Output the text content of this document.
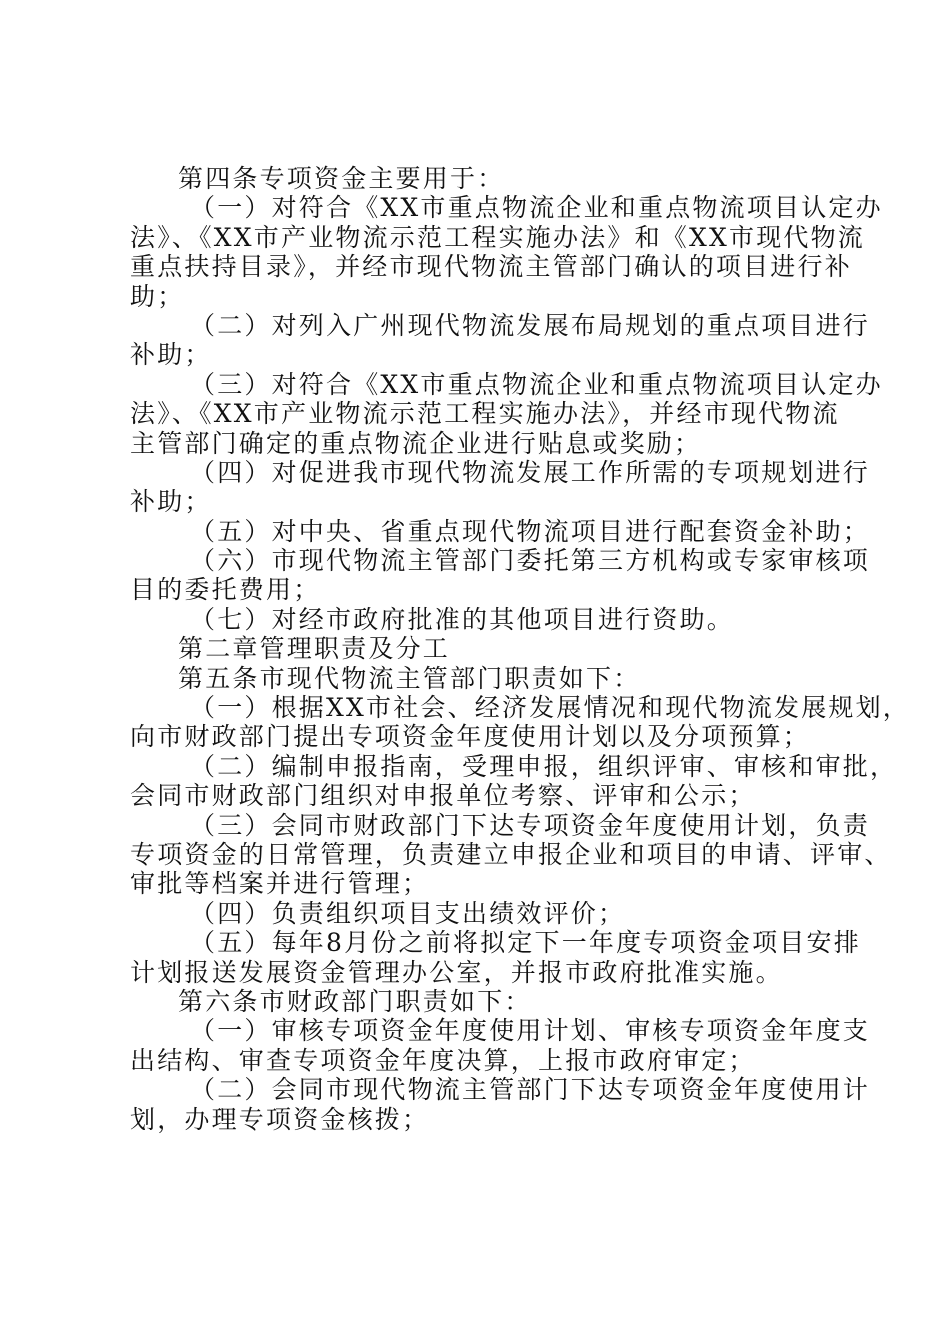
第四条专项资金主要用于：
（一）对符合《XX市重点物流企业和重点物流项目认定办
法》、《XX市产业物流示范工程实施办法》和《XX市现代物流
重点扶持目录》，并经市现代物流主管部门确认的项目进行补
助；
（二）对列入广州现代物流发展布局规划的重点项目进行
补助；
（三）对符合《XX市重点物流企业和重点物流项目认定办
法》、《XX市产业物流示范工程实施办法》，并经市现代物流
主管部门确定的重点物流企业进行贴息或奖励；
（四）对促进我市现代物流发展工作所需的专项规划进行
补助；
（五）对中央、省重点现代物流项目进行配套资金补助；
（六）市现代物流主管部门委托第三方机构或专家审核项
目的委托费用；
（七）对经市政府批准的其他项目进行资助。
第二章管理职责及分工
第五条市现代物流主管部门职责如下：
（一）根据XX市社会、经济发展情况和现代物流发展规划，
向市财政部门提出专项资金年度使用计划以及分项预算；
（二）编制申报指南，受理申报，组织评审、审核和审批，
会同市财政部门组织对申报单位考察、评审和公示；
（三）会同市财政部门下达专项资金年度使用计划，负责
专项资金的日常管理，负责建立申报企业和项目的申请、评审、
审批等档案并进行管理；
（四）负责组织项目支出绩效评价；
（五）每年8月份之前将拟定下一年度专项资金项目安排
计划报送发展资金管理办公室，并报市政府批准实施。
第六条市财政部门职责如下：
（一）审核专项资金年度使用计划、审核专项资金年度支
出结构、审查专项资金年度决算，上报市政府审定；
（二）会同市现代物流主管部门下达专项资金年度使用计
划，办理专项资金核拨；
